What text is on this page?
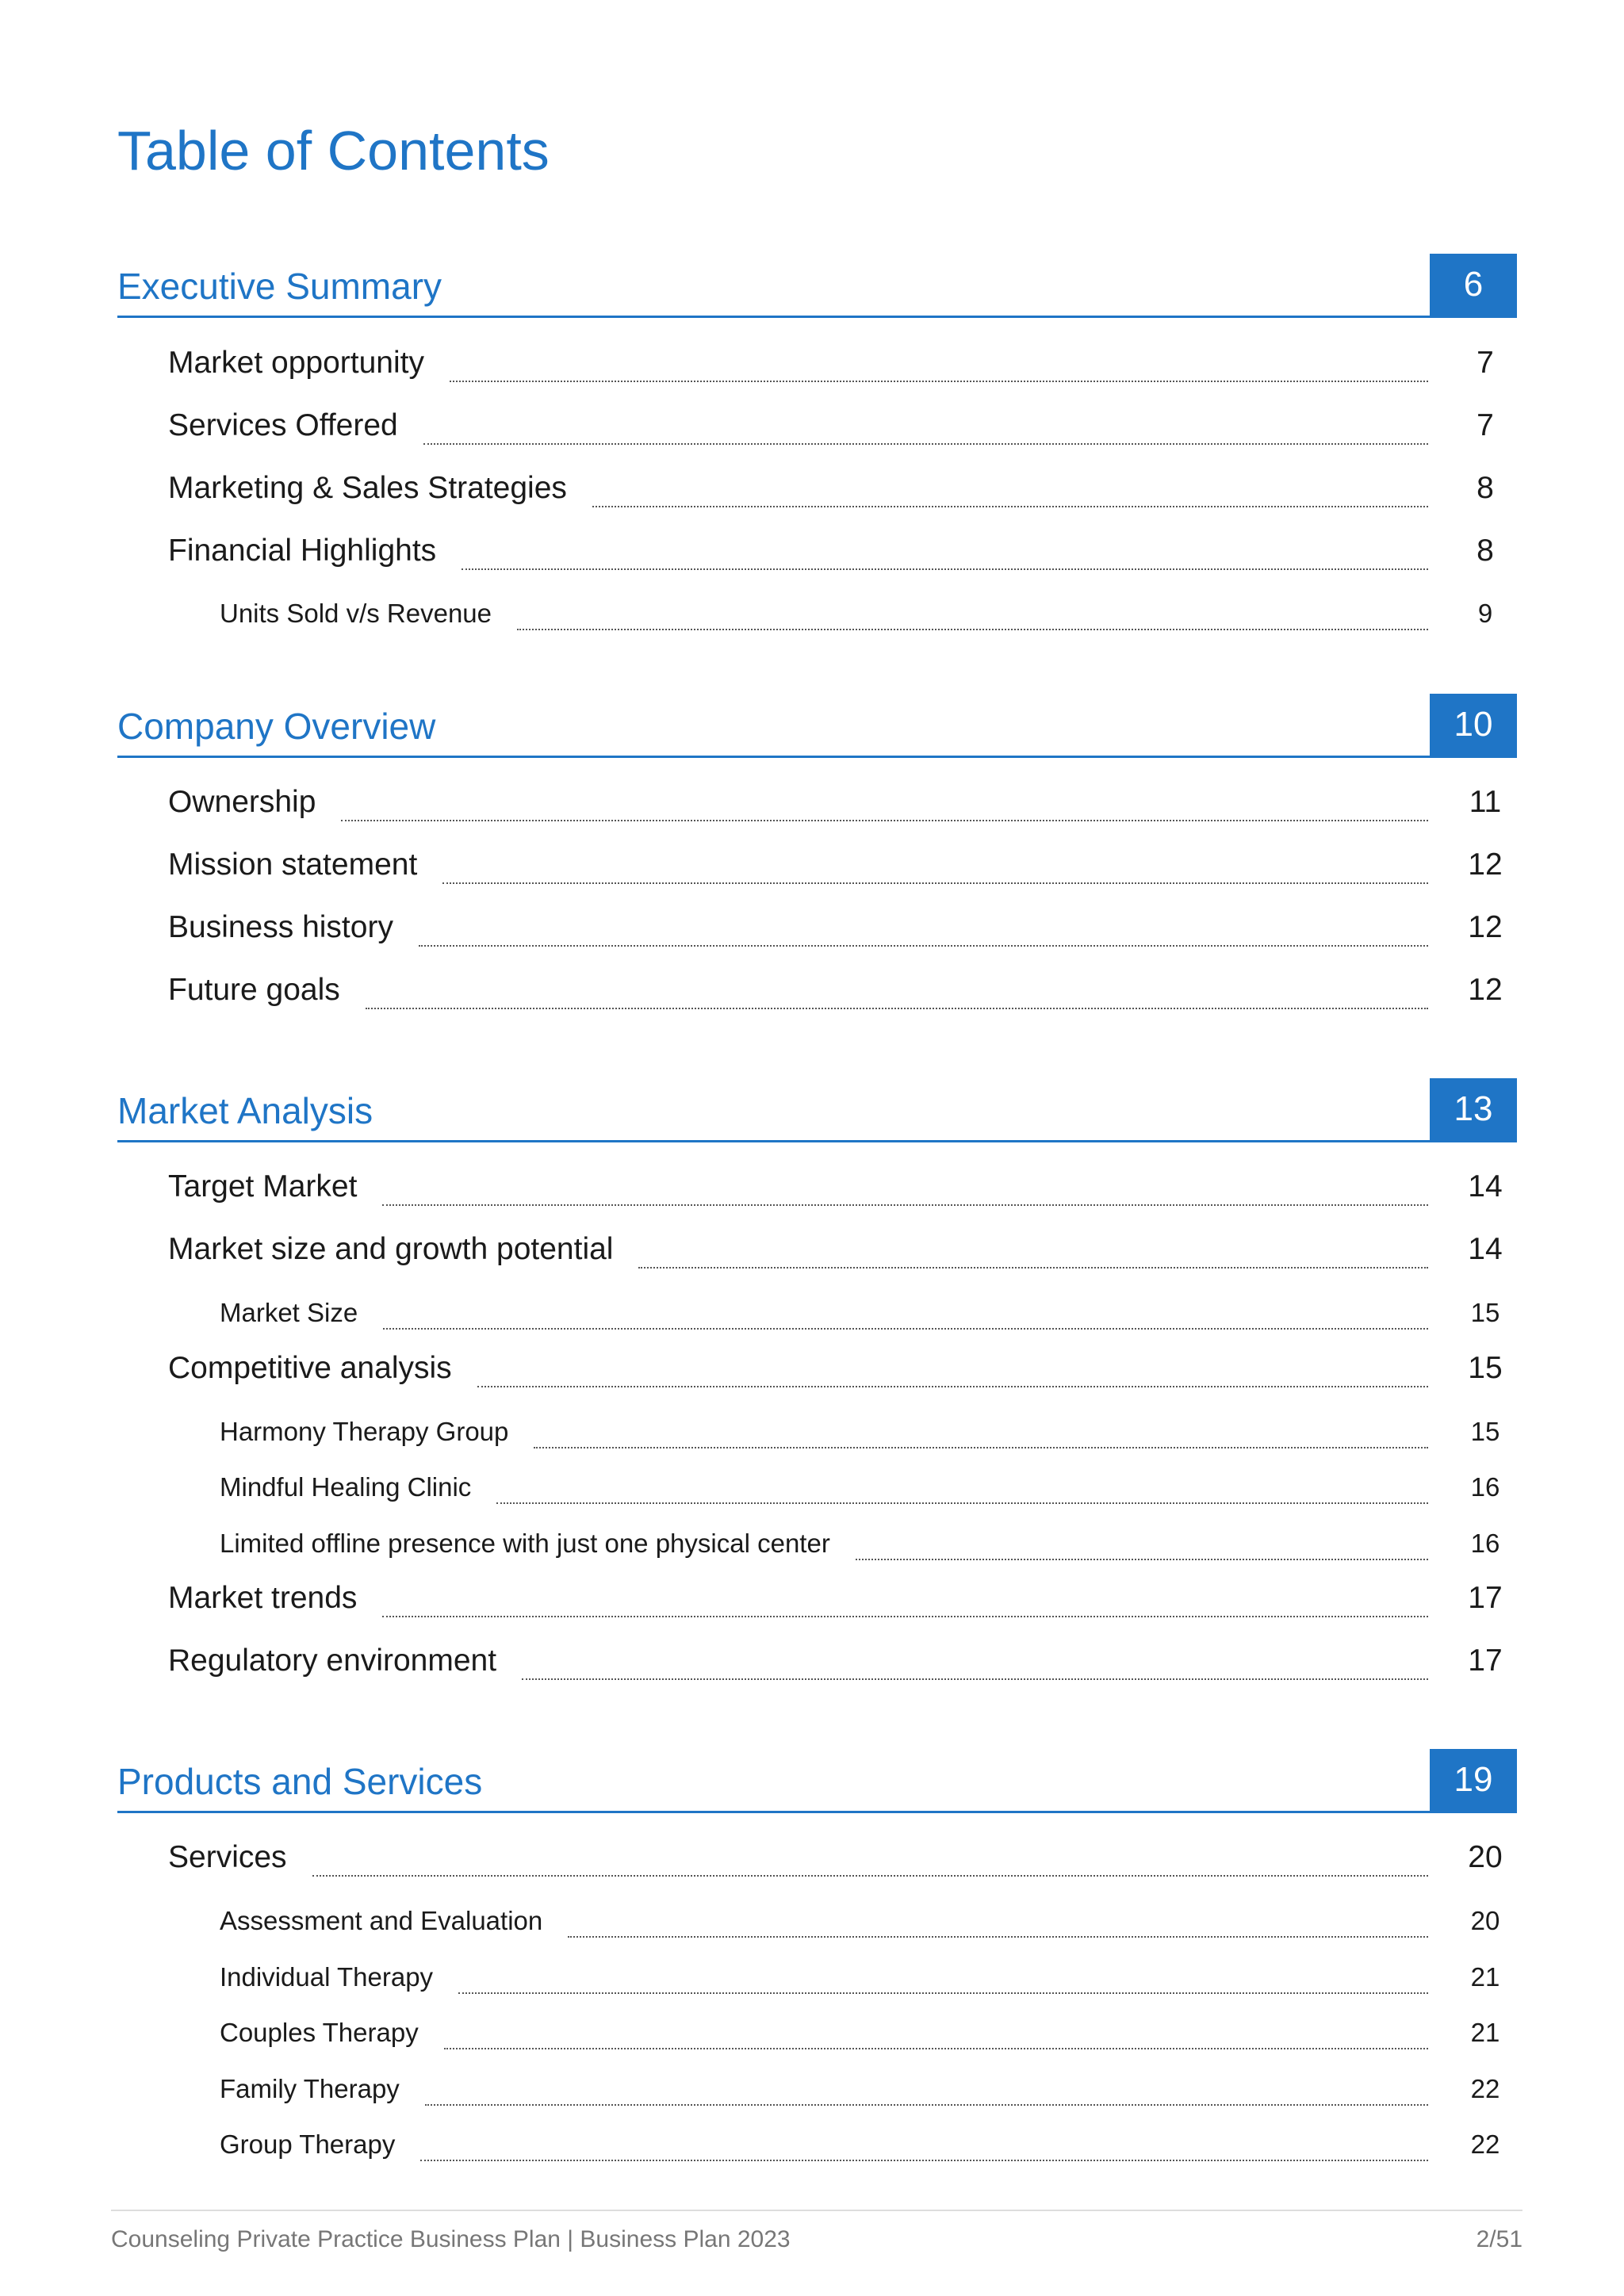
Table of Contents
Executive Summary	6
Market opportunity	7
Services Offered	7
Marketing & Sales Strategies	8
Financial Highlights	8
Units Sold v/s Revenue	9
Company Overview	10
Ownership	11
Mission statement	12
Business history	12
Future goals	12
Market Analysis	13
Target Market	14
Market size and growth potential	14
Market Size	15
Competitive analysis	15
Harmony Therapy Group	15
Mindful Healing Clinic	16
Limited offline presence with just one physical center	16
Market trends	17
Regulatory environment	17
Products and Services	19
Services	20
Assessment and Evaluation	20
Individual Therapy	21
Couples Therapy	21
Family Therapy	22
Group Therapy	22
Counseling Private Practice Business Plan | Business Plan 2023	2/51
